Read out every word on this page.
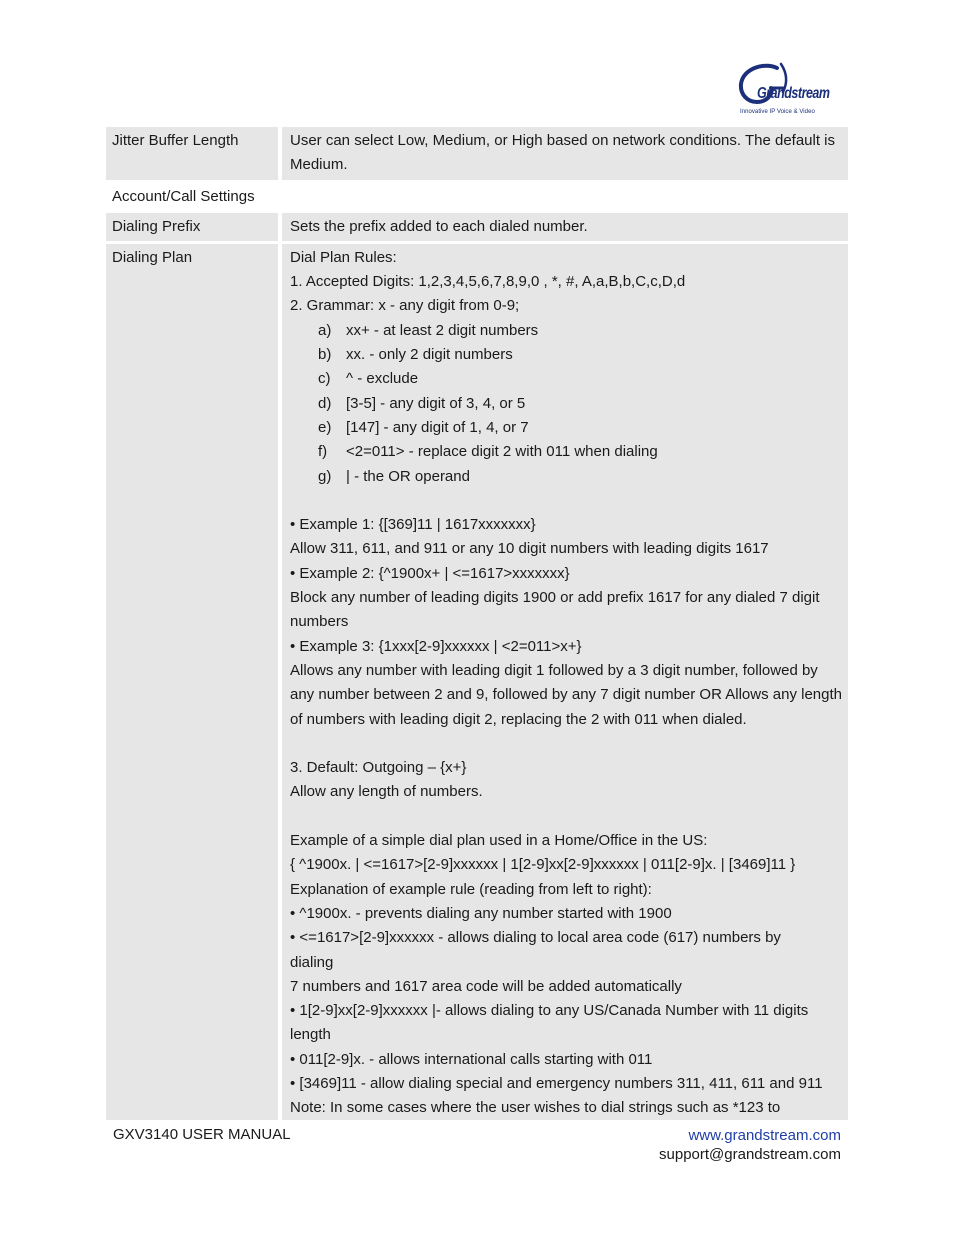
Grandstream
Innovative IP Voice & Video
Jitter Buffer Length	User can select Low, Medium, or High based on network conditions. The default is Medium.
Account/Call Settings
Dialing Prefix	Sets the prefix added to each dialed number.
Dialing Plan	Dial Plan Rules:
1. Accepted Digits: 1,2,3,4,5,6,7,8,9,0 , *, #, A,a,B,b,C,c,D,d
2. Grammar: x - any digit from 0-9;
a) xx+ - at least 2 digit numbers
b) xx. - only 2 digit numbers
c)	^ - exclude
d) [3-5] - any digit of 3, 4, or 5
e) [147] - any digit of 1, 4, or 7
f)	<2=011> - replace digit 2 with 011 when dialing
g) | - the OR operand
• Example 1: {[369]11 | 1617xxxxxxx}
Allow 311, 611, and 911 or any 10 digit numbers with leading digits 1617
• Example 2: {^1900x+ | <=1617>xxxxxxx}
Block any number of leading digits 1900 or add prefix 1617 for any dialed 7 digit numbers
• Example 3: {1xxx[2-9]xxxxxx | <2=011>x+}
Allows any number with leading digit 1 followed by a 3 digit number, followed by any number between 2 and 9, followed by any 7 digit number OR Allows any length of numbers with leading digit 2, replacing the 2 with 011 when dialed.
3. Default: Outgoing – {x+}
Allow any length of numbers.
Example of a simple dial plan used in a Home/Office in the US:
{ ^1900x. | <=1617>[2-9]xxxxxx | 1[2-9]xx[2-9]xxxxxx | 011[2-9]x. | [3469]11 }
Explanation of example rule (reading from left to right):
• ^1900x. - prevents dialing any number started with 1900
• <=1617>[2-9]xxxxxx - allows dialing to local area code (617) numbers by dialing
7 numbers and 1617 area code will be added automatically
• 1[2-9]xx[2-9]xxxxxx |- allows dialing to any US/Canada Number with 11 digits length
• 011[2-9]x. - allows international calls starting with 011
• [3469]11 - allow dialing special and emergency numbers 311, 411, 611 and 911
Note: In some cases where the user wishes to dial strings such as *123 to
GXV3140 USER MANUAL	www.grandstream.com
support@grandstream.com
